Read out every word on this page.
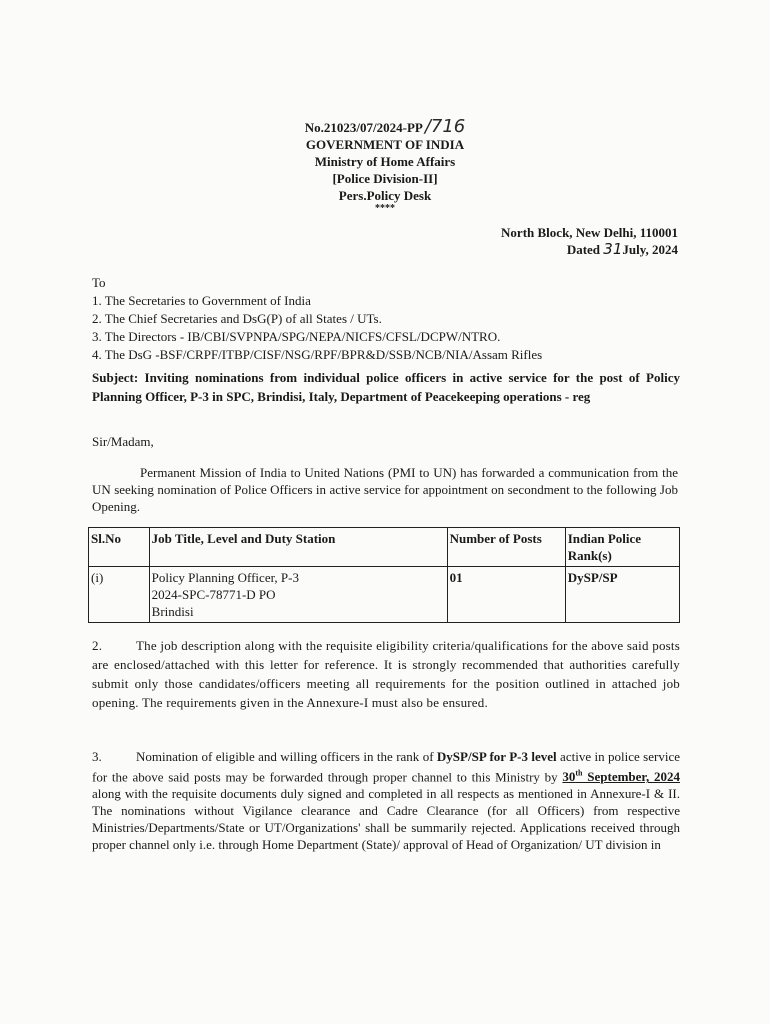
No.21023/07/2024-PP /716
GOVERNMENT OF INDIA
Ministry of Home Affairs
[Police Division-II]
Pers.Policy Desk
****
North Block, New Delhi, 110001
Dated 31July, 2024
To
1. The Secretaries to Government of India
2. The Chief Secretaries and DsG(P) of all States / UTs.
3. The Directors - IB/CBI/SVPNPA/SPG/NEPA/NICFS/CFSL/DCPW/NTRO.
4. The DsG -BSF/CRPF/ITBP/CISF/NSG/RPF/BPR&D/SSB/NCB/NIA/Assam Rifles
Subject: Inviting nominations from individual police officers in active service for the post of Policy Planning Officer, P-3 in SPC, Brindisi, Italy, Department of Peacekeeping operations - reg
Sir/Madam,
Permanent Mission of India to United Nations (PMI to UN) has forwarded a communication from the UN seeking nomination of Police Officers in active service for appointment on secondment to the following Job Opening.
Sl.No	Job Title, Level and Duty Station	Number of Posts	Indian Police Rank(s)
(i)	Policy Planning Officer, P-3
2024-SPC-78771-D PO
Brindisi	01	DySP/SP
2.	The job description along with the requisite eligibility criteria/qualifications for the above said posts are enclosed/attached with this letter for reference. It is strongly recommended that authorities carefully submit only those candidates/officers meeting all requirements for the position outlined in attached job opening. The requirements given in the Annexure-I must also be ensured.
3.	Nomination of eligible and willing officers in the rank of DySP/SP for P-3 level active in police service for the above said posts may be forwarded through proper channel to this Ministry by 30th September, 2024 along with the requisite documents duly signed and completed in all respects as mentioned in Annexure-I & II. The nominations without Vigilance clearance and Cadre Clearance (for all Officers) from respective Ministries/Departments/State or UT/Organizations' shall be summarily rejected. Applications received through proper channel only i.e. through Home Department (State)/ approval of Head of Organization/ UT division in
